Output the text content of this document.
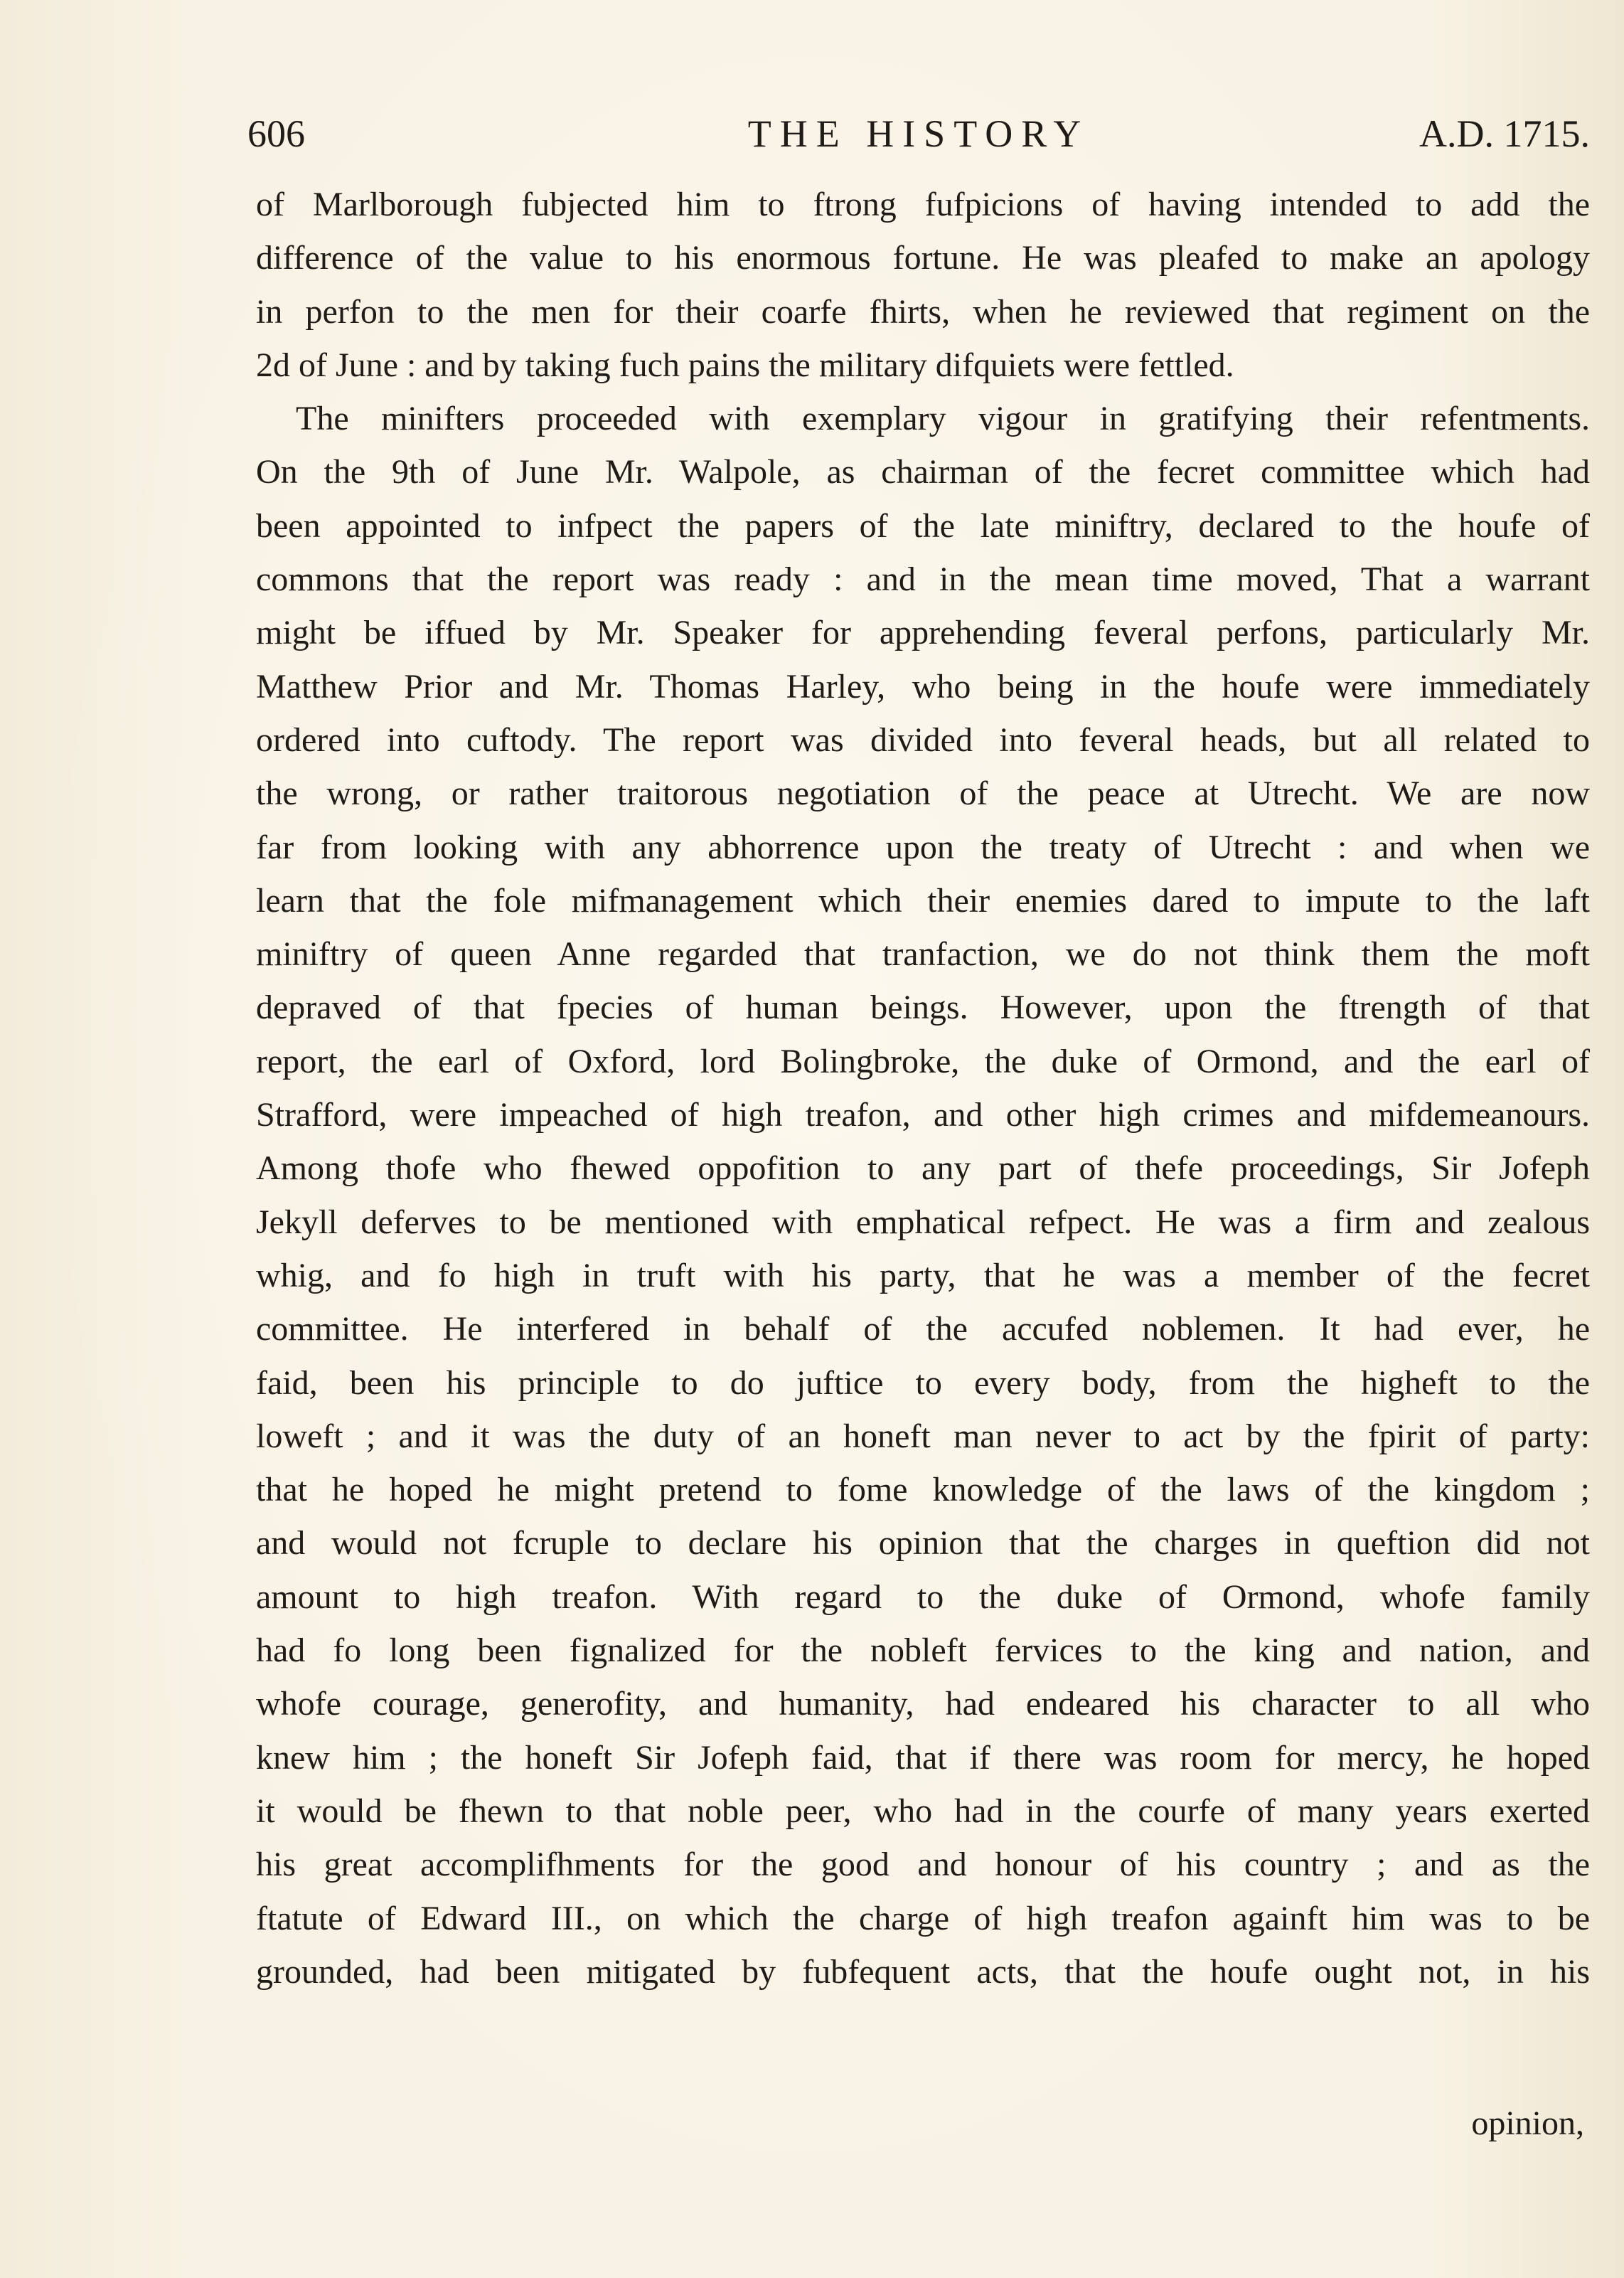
606	THE HISTORY	A.D. 1715.
of Marlborough fubjected him to ftrong fufpicions of having intended to add the
difference of the value to his enormous fortune. He was pleafed to make an apology
in perfon to the men for their coarfe fhirts, when he reviewed that regiment on the
2d of June : and by taking fuch pains the military difquiets were fettled.
The minifters proceeded with exemplary vigour in gratifying their refentments.
On the 9th of June Mr. Walpole, as chairman of the fecret committee which had
been appointed to infpect the papers of the late miniftry, declared to the houfe of
commons that the report was ready : and in the mean time moved, That a warrant
might be iffued by Mr. Speaker for apprehending feveral perfons, particularly Mr.
Matthew Prior and Mr. Thomas Harley, who being in the houfe were immediately
ordered into cuftody. The report was divided into feveral heads, but all related to
the wrong, or rather traitorous negotiation of the peace at Utrecht. We are now
far from looking with any abhorrence upon the treaty of Utrecht : and when we
learn that the fole mifmanagement which their enemies dared to impute to the laft
miniftry of queen Anne regarded that tranfaction, we do not think them the moft
depraved of that fpecies of human beings. However, upon the ftrength of that
report, the earl of Oxford, lord Bolingbroke, the duke of Ormond, and the earl of
Strafford, were impeached of high treafon, and other high crimes and mifdemeanours.
Among thofe who fhewed oppofition to any part of thefe proceedings, Sir Jofeph
Jekyll deferves to be mentioned with emphatical refpect. He was a firm and zealous
whig, and fo high in truft with his party, that he was a member of the fecret
committee. He interfered in behalf of the accufed noblemen. It had ever, he
faid, been his principle to do juftice to every body, from the higheft to the
loweft ; and it was the duty of an honeft man never to act by the fpirit of party:
that he hoped he might pretend to fome knowledge of the laws of the kingdom ;
and would not fcruple to declare his opinion that the charges in queftion did not
amount to high treafon. With regard to the duke of Ormond, whofe family
had fo long been fignalized for the nobleft fervices to the king and nation, and
whofe courage, generofity, and humanity, had endeared his character to all who
knew him ; the honeft Sir Jofeph faid, that if there was room for mercy, he hoped
it would be fhewn to that noble peer, who had in the courfe of many years exerted
his great accomplifhments for the good and honour of his country ; and as the
ftatute of Edward III., on which the charge of high treafon againft him was to be
grounded, had been mitigated by fubfequent acts, that the houfe ought not, in his
opinion,
